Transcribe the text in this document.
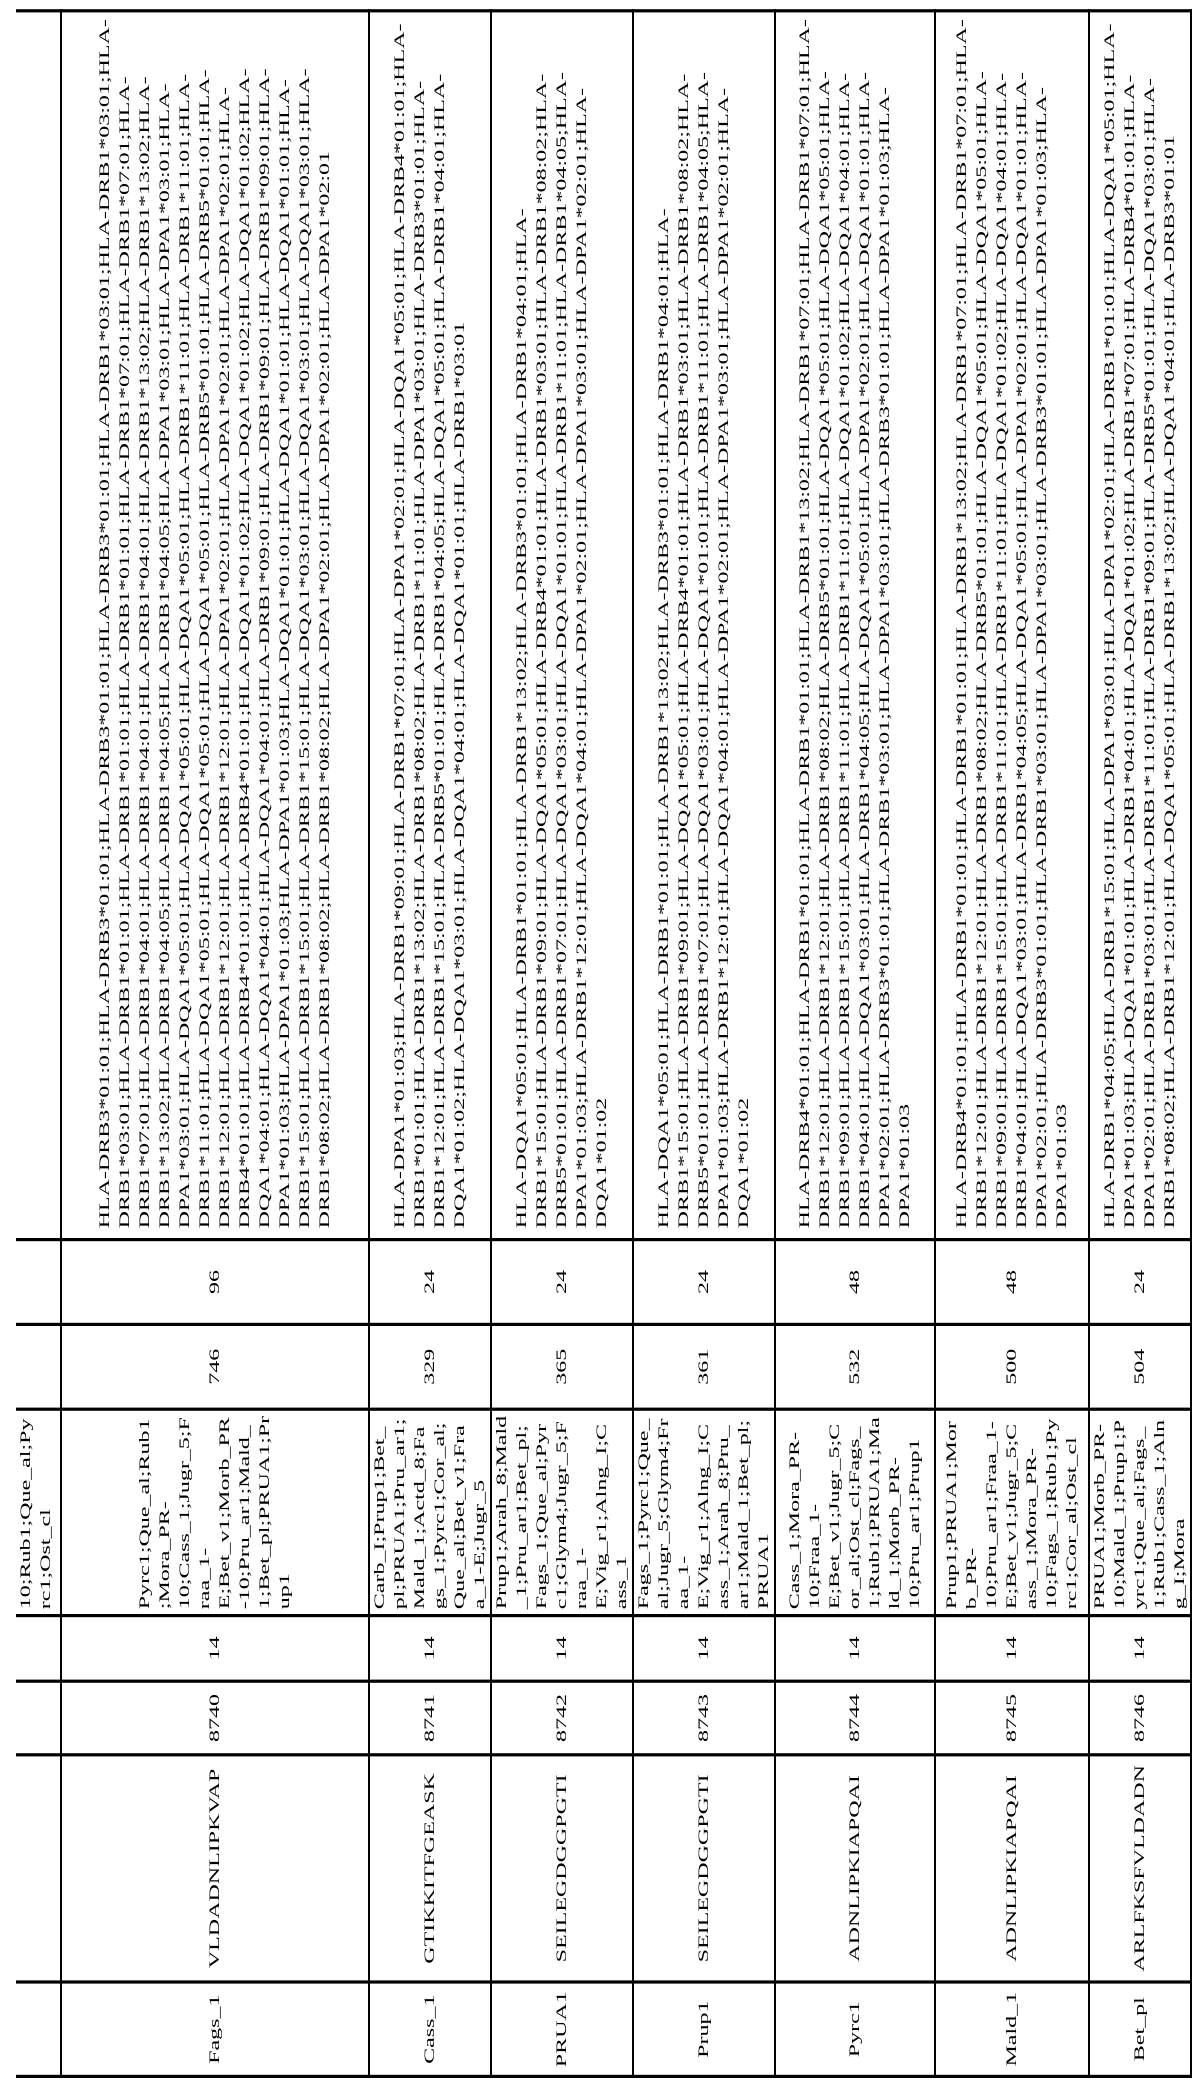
				10;Rub1;Que_al;Pyrc1;Ost_cl			
Fags_1	VLDADNLIPKVAP	8740	14	Pyrc1;Que_al;Rub1;Mora_PR-10;Cass_1;Jugr_5;Fraa_1-E;Bet_v1;Morb_PR-10;Pru_ar1;Mald_1;Bet_pl;PRUA1;Prup1	746	96	HLA-DRB3*01:01;HLA-DRB3*01:01;HLA-DRB3*01:01;HLA-DRB3*01:01;HLA-DRB1*03:01;HLA-DRB1*03:01;HLA-DRB1*03:01;HLA-DRB1*01:01;HLA-DRB1*01:01;HLA-DRB1*01:01;HLA-DRB1*07:01;HLA-DRB1*07:01;HLA-DRB1*07:01;HLA-DRB1*04:01;HLA-DRB1*04:01;HLA-DRB1*04:01;HLA-DRB1*13:02;HLA-DRB1*13:02;HLA-DRB1*13:02;HLA-DRB1*04:05;HLA-DRB1*04:05;HLA-DRB1*04:05;HLA-DPA1*03:01;HLA-DPA1*03:01;HLA-DPA1*03:01;HLA-DQA1*05:01;HLA-DQA1*05:01;HLA-DQA1*05:01;HLA-DRB1*11:01;HLA-DRB1*11:01;HLA-DRB1*11:01;HLA-DQA1*05:01;HLA-DQA1*05:01;HLA-DQA1*05:01;HLA-DRB5*01:01;HLA-DRB5*01:01;HLA-DRB1*12:01;HLA-DRB1*12:01;HLA-DRB1*12:01;HLA-DPA1*02:01;HLA-DPA1*02:01;HLA-DPA1*02:01;HLA-DRB4*01:01;HLA-DRB4*01:01;HLA-DRB4*01:01;HLA-DQA1*01:02;HLA-DQA1*01:02;HLA-DQA1*01:02;HLA-DQA1*04:01;HLA-DQA1*04:01;HLA-DQA1*04:01;HLA-DRB1*09:01;HLA-DRB1*09:01;HLA-DRB1*09:01;HLA-DPA1*01:03;HLA-DPA1*01:03;HLA-DPA1*01:03;HLA-DQA1*01:01;HLA-DQA1*01:01;HLA-DQA1*01:01;HLA-DRB1*15:01;HLA-DRB1*15:01;HLA-DRB1*15:01;HLA-DQA1*03:01;HLA-DQA1*03:01;HLA-DQA1*03:01;HLA-DRB1*08:02;HLA-DRB1*08:02;HLA-DRB1*08:02;HLA-DPA1*02:01;HLA-DPA1*02:01;HLA-DPA1*02:01
Cass_1	GTIKKITFGEASK	8741	14	Carb_I;Prup1;Bet_pl;PRUA1;Pru_ar1;Mald_1;Actd_8;Fags_1;Pyrc1;Cor_al;Que_al;Bet_v1;Fraa_1-E;Jugr_5	329	24	HLA-DPA1*01:03;HLA-DRB1*09:01;HLA-DRB1*07:01;HLA-DPA1*02:01;HLA-DQA1*05:01;HLA-DRB4*01:01;HLA-DRB1*01:01;HLA-DRB1*13:02;HLA-DRB1*08:02;HLA-DRB1*11:01;HLA-DPA1*03:01;HLA-DRB3*01:01;HLA-DRB1*12:01;HLA-DRB1*15:01;HLA-DRB5*01:01;HLA-DRB1*04:05;HLA-DQA1*05:01;HLA-DRB1*04:01;HLA-DQA1*01:02;HLA-DQA1*03:01;HLA-DQA1*04:01;HLA-DQA1*01:01;HLA-DRB1*03:01
PRUA1	SEILEGDGGPGTI	8742	14	Prup1;Arah_8;Mald_1;Pru_ar1;Bet_pl;Fags_1;Que_al;Pyrc1;Glym4;Jugr_5;Fraa_1-E;Vig_r1;Alng_I;Cass_1	365	24	HLA-DQA1*05:01;HLA-DRB1*01:01;HLA-DRB1*13:02;HLA-DRB3*01:01;HLA-DRB1*04:01;HLA-DRB1*15:01;HLA-DRB1*09:01;HLA-DQA1*05:01;HLA-DRB4*01:01;HLA-DRB1*03:01;HLA-DRB1*08:02;HLA-DRB5*01:01;HLA-DRB1*07:01;HLA-DQA1*03:01;HLA-DQA1*01:01;HLA-DRB1*11:01;HLA-DRB1*04:05;HLA-DPA1*01:03;HLA-DRB1*12:01;HLA-DQA1*04:01;HLA-DPA1*02:01;HLA-DPA1*03:01;HLA-DPA1*02:01;HLA-DQA1*01:02
Prup1	SEILEGDGGPGTI	8743	14	Fags_1;Pyrc1;Que_al;Jugr_5;Glym4;Fraa_1-E;Vig_r1;Alng_I;Cass_1;Arah_8;Pru_ar1;Mald_1;Bet_pl;PRUA1	361	24	HLA-DQA1*05:01;HLA-DRB1*01:01;HLA-DRB1*13:02;HLA-DRB3*01:01;HLA-DRB1*04:01;HLA-DRB1*15:01;HLA-DRB1*09:01;HLA-DQA1*05:01;HLA-DRB4*01:01;HLA-DRB1*03:01;HLA-DRB1*08:02;HLA-DRB5*01:01;HLA-DRB1*07:01;HLA-DQA1*03:01;HLA-DQA1*01:01;HLA-DRB1*11:01;HLA-DRB1*04:05;HLA-DPA1*01:03;HLA-DRB1*12:01;HLA-DQA1*04:01;HLA-DPA1*02:01;HLA-DPA1*03:01;HLA-DPA1*02:01;HLA-DQA1*01:02
Pyrc1	ADNLIPKIAPQAI	8744	14	Cass_1;Mora_PR-10;Fraa_1-E;Bet_v1;Jugr_5;Cor_al;Ost_cl;Fags_1;Rub1;PRUA1;Mald_1;Morb_PR-10;Pru_ar1;Prup1	532	48	HLA-DRB4*01:01;HLA-DRB1*01:01;HLA-DRB1*01:01;HLA-DRB1*13:02;HLA-DRB1*07:01;HLA-DRB1*07:01;HLA-DRB1*12:01;HLA-DRB1*12:01;HLA-DRB1*08:02;HLA-DRB5*01:01;HLA-DQA1*05:01;HLA-DQA1*05:01;HLA-DRB1*09:01;HLA-DRB1*15:01;HLA-DRB1*11:01;HLA-DRB1*11:01;HLA-DQA1*01:02;HLA-DQA1*04:01;HLA-DRB1*04:01;HLA-DQA1*03:01;HLA-DRB1*04:05;HLA-DQA1*05:01;HLA-DPA1*02:01;HLA-DQA1*01:01;HLA-DPA1*02:01;HLA-DRB3*01:01;HLA-DRB1*03:01;HLA-DPA1*03:01;HLA-DRB3*01:01;HLA-DPA1*01:03;HLA-DPA1*01:03
Mald_1	ADNLIPKIAPQAI	8745	14	Prup1;PRUA1;Morb_PR-10;Pru_ar1;Fraa_1-E;Bet_v1;Jugr_5;Cass_1;Mora_PR-10;Fags_1;Rub1;Pyrc1;Cor_al;Ost_cl	500	48	HLA-DRB4*01:01;HLA-DRB1*01:01;HLA-DRB1*01:01;HLA-DRB1*13:02;HLA-DRB1*07:01;HLA-DRB1*07:01;HLA-DRB1*12:01;HLA-DRB1*12:01;HLA-DRB1*08:02;HLA-DRB5*01:01;HLA-DQA1*05:01;HLA-DQA1*05:01;HLA-DRB1*09:01;HLA-DRB1*15:01;HLA-DRB1*11:01;HLA-DRB1*11:01;HLA-DQA1*01:02;HLA-DQA1*04:01;HLA-DRB1*04:01;HLA-DQA1*03:01;HLA-DRB1*04:05;HLA-DQA1*05:01;HLA-DPA1*02:01;HLA-DQA1*01:01;HLA-DPA1*02:01;HLA-DRB3*01:01;HLA-DRB1*03:01;HLA-DPA1*03:01;HLA-DRB3*01:01;HLA-DPA1*01:03;HLA-DPA1*01:03
Bet_pl	ARLFKSFVLDADN	8746	14	PRUA1;Morb_PR-10;Mald_1;Prup1;Pyrc1;Que_al;Fags_1;Rub1;Cass_1;Alng_I;Mora	504	24	HLA-DRB1*04:05;HLA-DRB1*15:01;HLA-DPA1*03:01;HLA-DPA1*02:01;HLA-DRB1*01:01;HLA-DQA1*05:01;HLA-DPA1*01:03;HLA-DQA1*01:01;HLA-DRB1*04:01;HLA-DQA1*01:02;HLA-DRB1*07:01;HLA-DRB4*01:01;HLA-DPA1*02:01;HLA-DRB1*03:01;HLA-DRB1*11:01;HLA-DRB1*09:01;HLA-DRB5*01:01;HLA-DQA1*03:01;HLA-DRB1*08:02;HLA-DRB1*12:01;HLA-DQA1*05:01;HLA-DRB1*13:02;HLA-DQA1*04:01;HLA-DRB3*01:01
